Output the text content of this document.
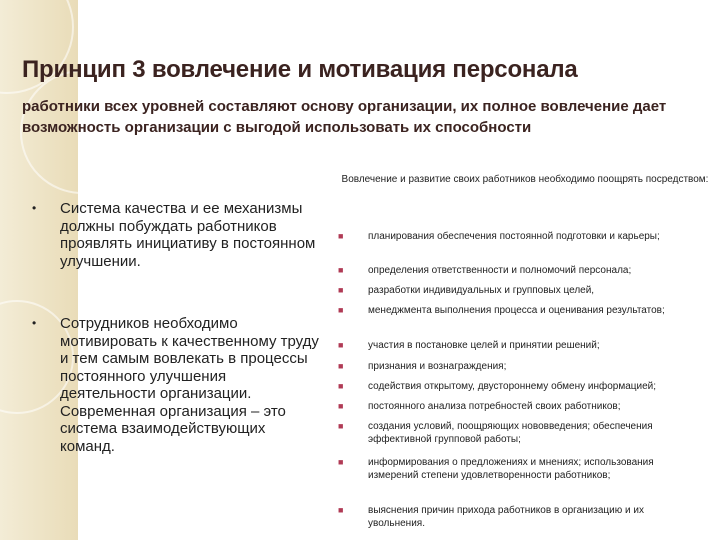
Принцип 3 вовлечение и мотивация персонала
работники всех уровней составляют основу организации, их полное вовлечение дает возможность организации с выгодой использовать их способности
• Система качества и ее механизмы должны побуждать работников проявлять инициативу в постоянном улучшении.
• Сотрудников необходимо мотивировать к качественному труду и тем самым вовлекать в процессы постоянного улучшения деятельности организации. Современная организация – это система взаимодействующих команд.
Вовлечение и развитие своих работников необходимо поощрять посредством:
■ планирования обеспечения постоянной подготовки и карьеры;
■ определения ответственности и полномочий персонала;
■ разработки индивидуальных и групповых целей,
■ менеджмента выполнения процесса и оценивания результатов;
■ участия в постановке целей и принятии решений;
■ признания и вознаграждения;
■ содействия открытому, двустороннему обмену информацией;
■ постоянного анализа потребностей своих работников;
■ создания условий, поощряющих нововведения; обеспечения эффективной групповой работы;
■ информирования о предложениях и мнениях; использования измерений степени удовлетворенности работников;
■ выяснения причин прихода работников в организацию и их увольнения.
